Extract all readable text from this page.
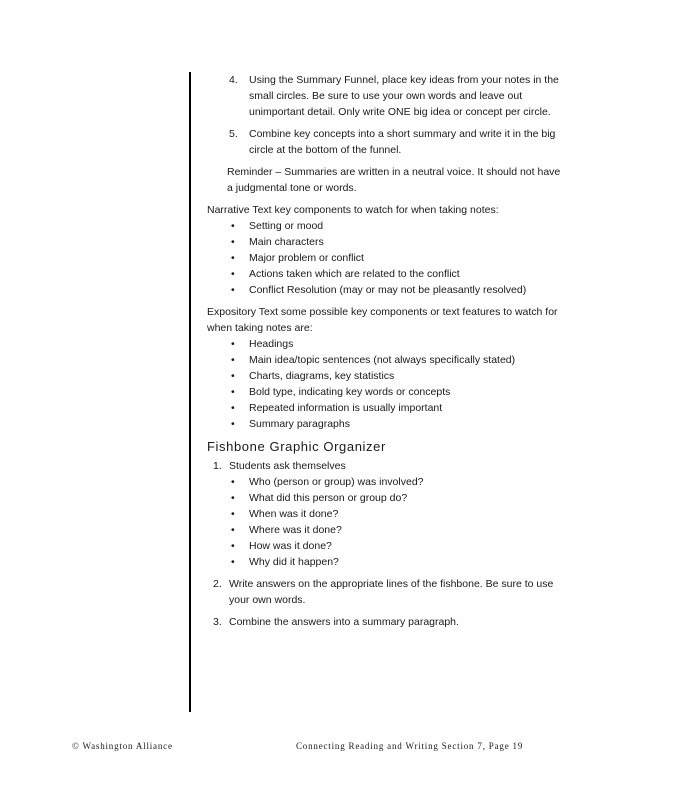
4. Using the Summary Funnel, place key ideas from your notes in the small circles. Be sure to use your own words and leave out unimportant detail. Only write ONE big idea or concept per circle.
5. Combine key concepts into a short summary and write it in the big circle at the bottom of the funnel.

Reminder – Summaries are written in a neutral voice. It should not have a judgmental tone or words.

Narrative Text key components to watch for when taking notes:

• Setting or mood
• Main characters
• Major problem or conflict
• Actions taken which are related to the conflict
• Conflict Resolution (may or may not be pleasantly resolved)

Expository Text some possible key components or text features to watch for when taking notes are:

• Headings
• Main idea/topic sentences (not always specifically stated)
• Charts, diagrams, key statistics
• Bold type, indicating key words or concepts
• Repeated information is usually important
• Summary paragraphs
Fishbone Graphic Organizer
1. Students ask themselves
• Who (person or group) was involved?
• What did this person or group do?
• When was it done?
• Where was it done?
• How was it done?
• Why did it happen?
2. Write answers on the appropriate lines of the fishbone. Be sure to use your own words.
3. Combine the answers into a summary paragraph.
© Washington Alliance	Connecting Reading and Writing Section 7, Page 19
